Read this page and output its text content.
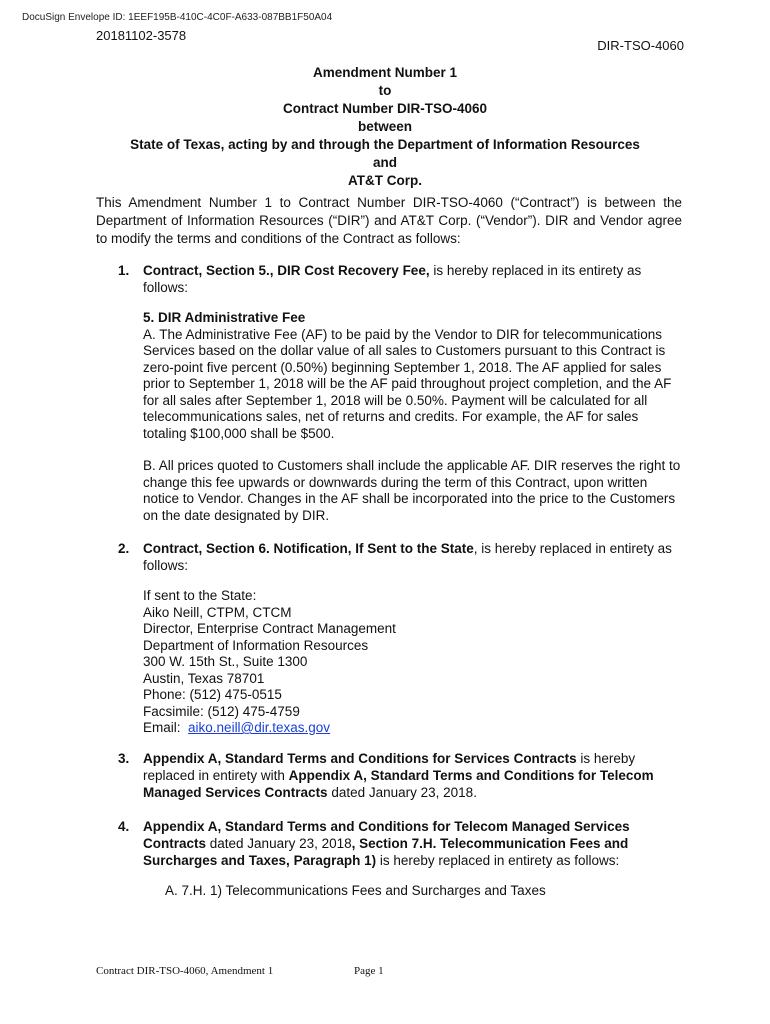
DocuSign Envelope ID: 1EEF195B-410C-4C0F-A633-087BB1F50A04
20181102-3578
DIR-TSO-4060
Amendment Number 1
to
Contract Number DIR-TSO-4060
between
State of Texas, acting by and through the Department of Information Resources
and
AT&T Corp.
This Amendment Number 1 to Contract Number DIR-TSO-4060 (“Contract”) is between the Department of Information Resources (“DIR”) and AT&T Corp. (“Vendor”). DIR and Vendor agree to modify the terms and conditions of the Contract as follows:
1. Contract, Section 5., DIR Cost Recovery Fee, is hereby replaced in its entirety as follows:
5. DIR Administrative Fee
A. The Administrative Fee (AF) to be paid by the Vendor to DIR for telecommunications Services based on the dollar value of all sales to Customers pursuant to this Contract is zero-point five percent (0.50%) beginning September 1, 2018. The AF applied for sales prior to September 1, 2018 will be the AF paid throughout project completion, and the AF for all sales after September 1, 2018 will be 0.50%. Payment will be calculated for all telecommunications sales, net of returns and credits. For example, the AF for sales totaling $100,000 shall be $500.
B. All prices quoted to Customers shall include the applicable AF. DIR reserves the right to change this fee upwards or downwards during the term of this Contract, upon written notice to Vendor. Changes in the AF shall be incorporated into the price to the Customers on the date designated by DIR.
2. Contract, Section 6. Notification, If Sent to the State, is hereby replaced in entirety as follows:
If sent to the State:
Aiko Neill, CTPM, CTCM
Director, Enterprise Contract Management
Department of Information Resources
300 W. 15th St., Suite 1300
Austin, Texas 78701
Phone: (512) 475-0515
Facsimile: (512) 475-4759
Email: aiko.neill@dir.texas.gov
3. Appendix A, Standard Terms and Conditions for Services Contracts is hereby replaced in entirety with Appendix A, Standard Terms and Conditions for Telecom Managed Services Contracts dated January 23, 2018.
4. Appendix A, Standard Terms and Conditions for Telecom Managed Services Contracts dated January 23, 2018, Section 7.H. Telecommunication Fees and Surcharges and Taxes, Paragraph 1) is hereby replaced in entirety as follows:
A. 7.H. 1) Telecommunications Fees and Surcharges and Taxes
Contract DIR-TSO-4060, Amendment 1	Page 1
